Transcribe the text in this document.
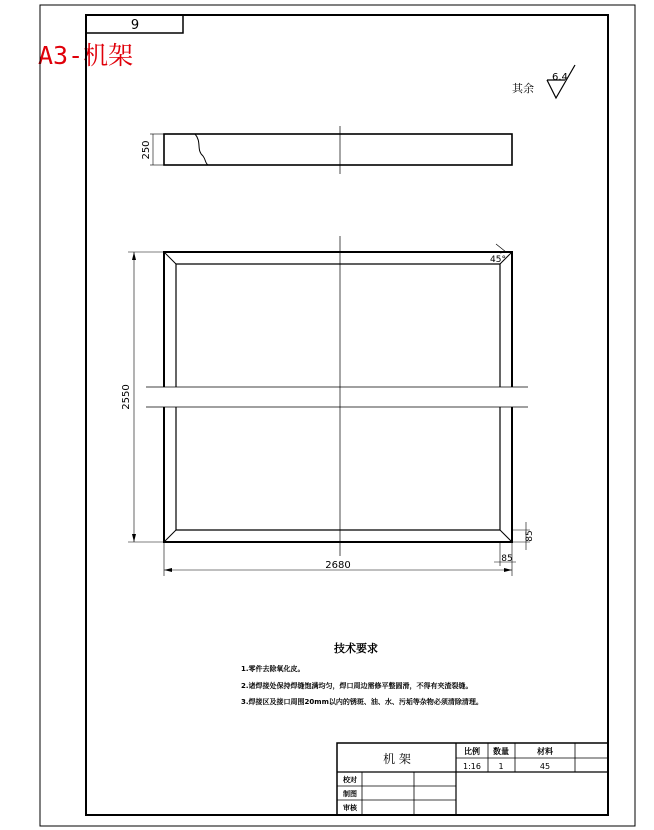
A3-机架
9
其余
6.4
250
45°
2550
2680
85
85
技术要求
1.零件去除氧化皮。
2.诸焊接处保持焊缝饱满均匀，焊口周边需修平整圆滑，不得有夹渣裂缝。
3.焊接区及接口周围20mm以内的锈斑、油、水、污垢等杂物必须清除清理。
机 架
比例 数量	材料
1:16 1	45
校对
制图
审核
